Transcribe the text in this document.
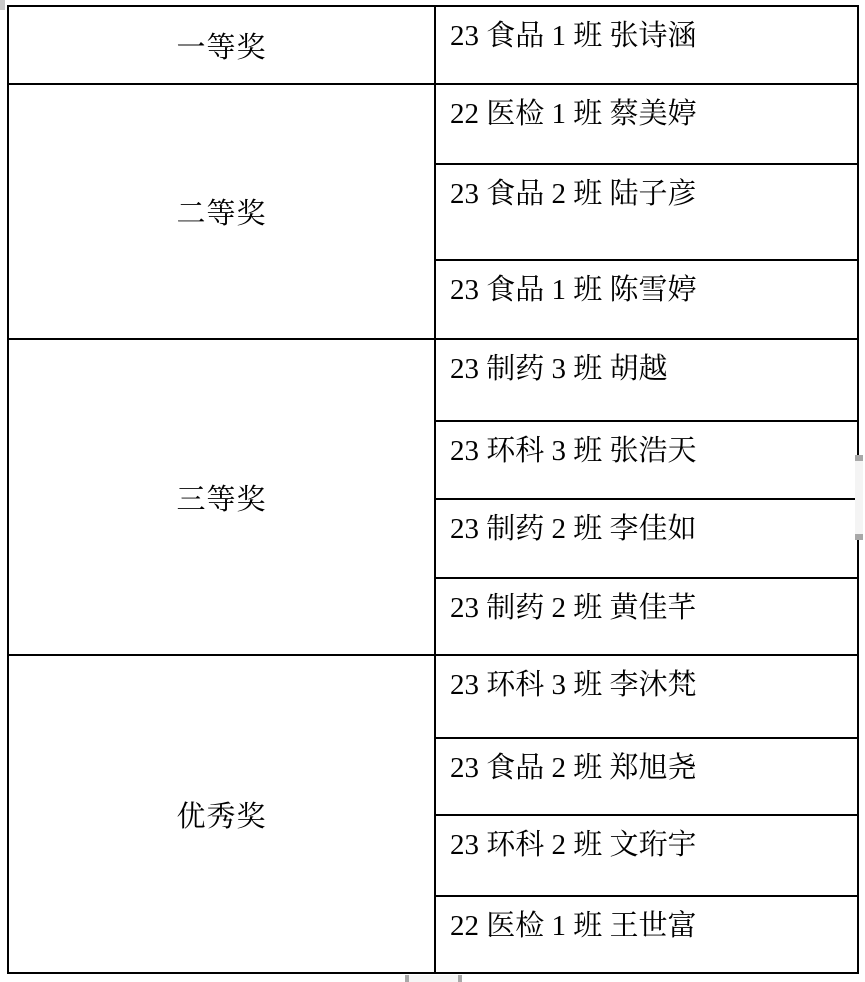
一等奖	23 食品 1 班 张诗涵
二等奖	22 医检 1 班 蔡美婷
	23 食品 2 班 陆子彦
	23 食品 1 班 陈雪婷
三等奖	23 制药 3 班 胡越
	23 环科 3 班 张浩天
	23 制药 2 班 李佳如
	23 制药 2 班 黄佳芊
优秀奖	23 环科 3 班 李沐梵
	23 食品 2 班 郑旭尧
	23 环科 2 班 文珩宇
	22 医检 1 班 王世富
